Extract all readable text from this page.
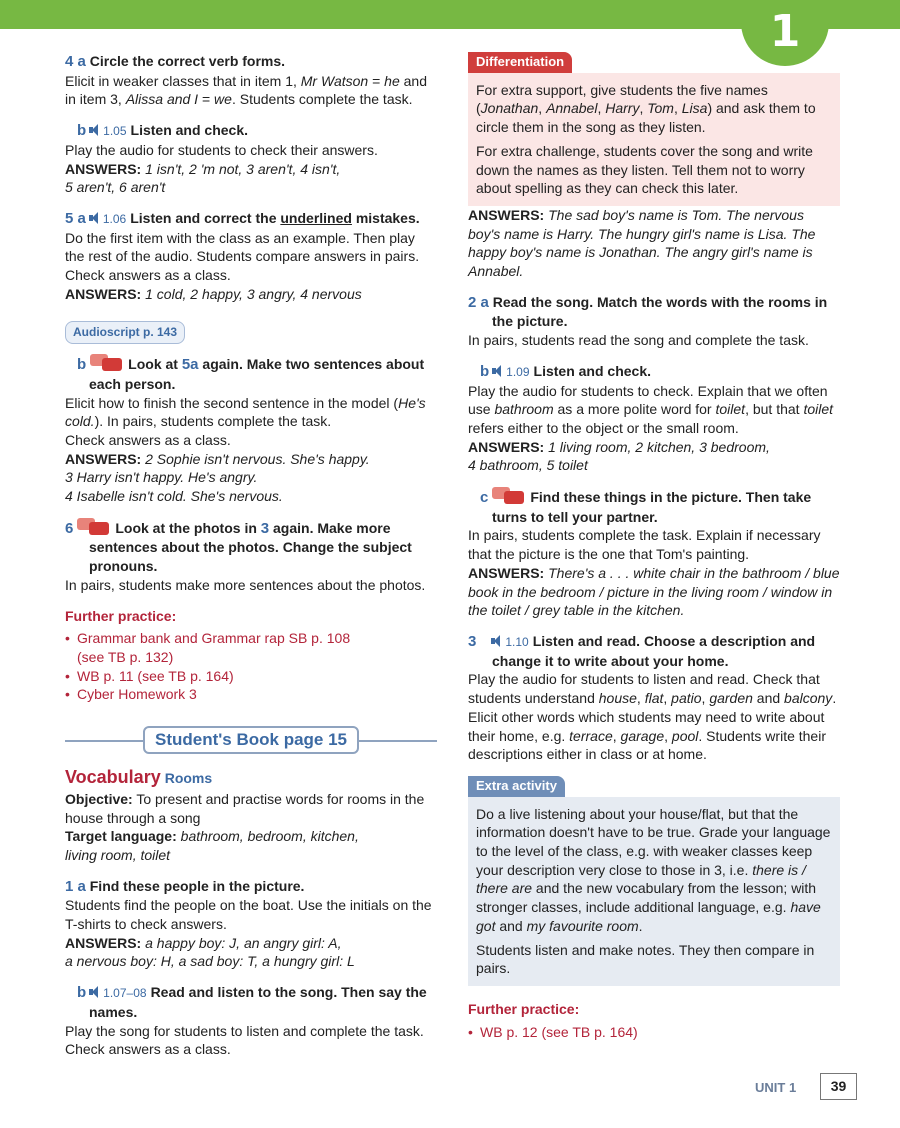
1

4 a Circle the correct verb forms.

Elicit in weaker classes that in item 1, Mr Watson = he and in item 3, Alissa and I = we. Students complete the task.

b 1.05 Listen and check.

Play the audio for students to check their answers.

ANSWERS: 1 isn't, 2 'm not, 3 aren't, 4 isn't,

5 aren't, 6 aren't

5 a 1.06 Listen and correct the underlined mistakes.

Do the first item with the class as an example. Then play the rest of the audio. Students compare answers in pairs. Check answers as a class.

ANSWERS: 1 cold, 2 happy, 3 angry, 4 nervous

Audioscript p. 143

b	Look at 5a again. Make two sentences about each person.

Elicit how to finish the second sentence in the model (He's cold.). In pairs, students complete the task.

Check answers as a class.

ANSWERS: 2 Sophie isn't nervous. She's happy.

3 Harry isn't happy. He's angry.

4 Isabelle isn't cold. She's nervous.

6	Look at the photos in 3 again. Make more sentences about the photos. Change the subject pronouns.

In pairs, students make more sentences about the photos.

Further practice:

• Grammar bank and Grammar rap SB p. 108
(see TB p. 132)
• WB p. 11 (see TB p. 164)
• Cyber Homework 3
Student's Book page 15

Vocabulary Rooms

Objective: To present and practise words for rooms in the house through a song

Target language: bathroom, bedroom, kitchen,

living room, toilet

1 a Find these people in the picture.

Students find the people on the boat. Use the initials on the T-shirts to check answers.

ANSWERS: a happy boy: J, an angry girl: A,

a nervous boy: H, a sad boy: T, a hungry girl: L

b 1.07–08 Read and listen to the song. Then say the names.

Play the song for students to listen and complete the task. Check answers as a class.

Differentiation

For extra support, give students the five names (Jonathan, Annabel, Harry, Tom, Lisa) and ask them to circle them in the song as they listen.

For extra challenge, students cover the song and write down the names as they listen. Tell them not to worry about spelling as they can check this later.

ANSWERS: The sad boy's name is Tom. The nervous boy's name is Harry. The hungry girl's name is Lisa. The happy boy's name is Jonathan. The angry girl's name is Annabel.

2 a Read the song. Match the words with the rooms in the picture.

In pairs, students read the song and complete the task.

b 1.09 Listen and check.

Play the audio for students to check. Explain that we often use bathroom as a more polite word for toilet, but that toilet refers either to the object or the small room.

ANSWERS: 1 living room, 2 kitchen, 3 bedroom,

4 bathroom, 5 toilet

c	Find these things in the picture. Then take turns to tell your partner.

In pairs, students complete the task. Explain if necessary that the picture is the one that Tom's painting.

ANSWERS: There's a . . . white chair in the bathroom / blue book in the bedroom / picture in the living room / window in the toilet / grey table in the kitchen.

3 1.10 Listen and read. Choose a description and change it to write about your home.

Play the audio for students to listen and read. Check that students understand house, flat, patio, garden and balcony. Elicit other words which students may need to write about their home, e.g. terrace, garage, pool. Students write their descriptions either in class or at home.

Extra activity

Do a live listening about your house/flat, but that the information doesn't have to be true. Grade your language to the level of the class, e.g. with weaker classes keep your description very close to those in 3, i.e. there is / there are and the new vocabulary from the lesson; with stronger classes, include additional language, e.g. have got and my favourite room.

Students listen and make notes. They then compare in pairs.

Further practice:

• WB p. 12 (see TB p. 164)
UNIT 1	39
